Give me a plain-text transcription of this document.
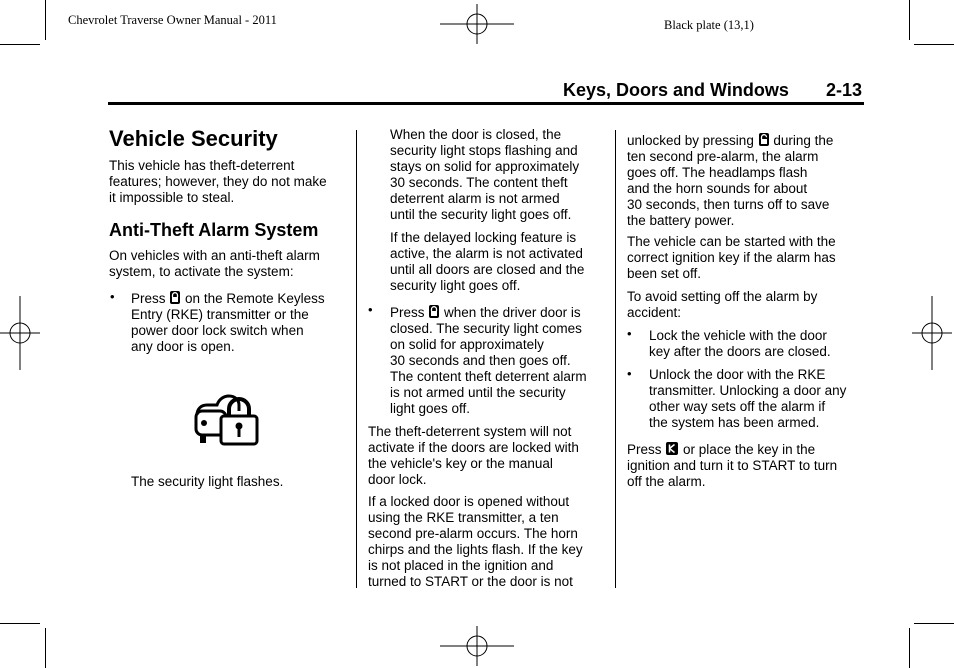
Chevrolet Traverse Owner Manual - 2011	Black plate (13,1)
Keys, Doors and Windows 2-13
Vehicle Security
This vehicle has theft-deterrent
features; however, they do not make
it impossible to steal.
Anti-Theft Alarm System
On vehicles with an anti-theft alarm
system, to activate the system:
• Press on the Remote Keyless
Entry (RKE) transmitter or the
power door lock switch when
any door is open.
The security light flashes.
When the door is closed, the
security light stops flashing and
stays on solid for approximately
30 seconds. The content theft
deterrent alarm is not armed
until the security light goes off.
If the delayed locking feature is
active, the alarm is not activated
until all doors are closed and the
security light goes off.
• Press when the driver door is
closed. The security light comes
on solid for approximately
30 seconds and then goes off.
The content theft deterrent alarm
is not armed until the security
light goes off.
The theft-deterrent system will not
activate if the doors are locked with
the vehicle's key or the manual
door lock.
If a locked door is opened without
using the RKE transmitter, a ten
second pre-alarm occurs. The horn
chirps and the lights flash. If the key
is not placed in the ignition and
turned to START or the door is not
unlocked by pressing during the
ten second pre-alarm, the alarm
goes off. The headlamps flash
and the horn sounds for about
30 seconds, then turns off to save
the battery power.
The vehicle can be started with the
correct ignition key if the alarm has
been set off.
To avoid setting off the alarm by
accident:
• Lock the vehicle with the door
key after the doors are closed.
• Unlock the door with the RKE
transmitter. Unlocking a door any
other way sets off the alarm if
the system has been armed.
Press or place the key in the
ignition and turn it to START to turn
off the alarm.
